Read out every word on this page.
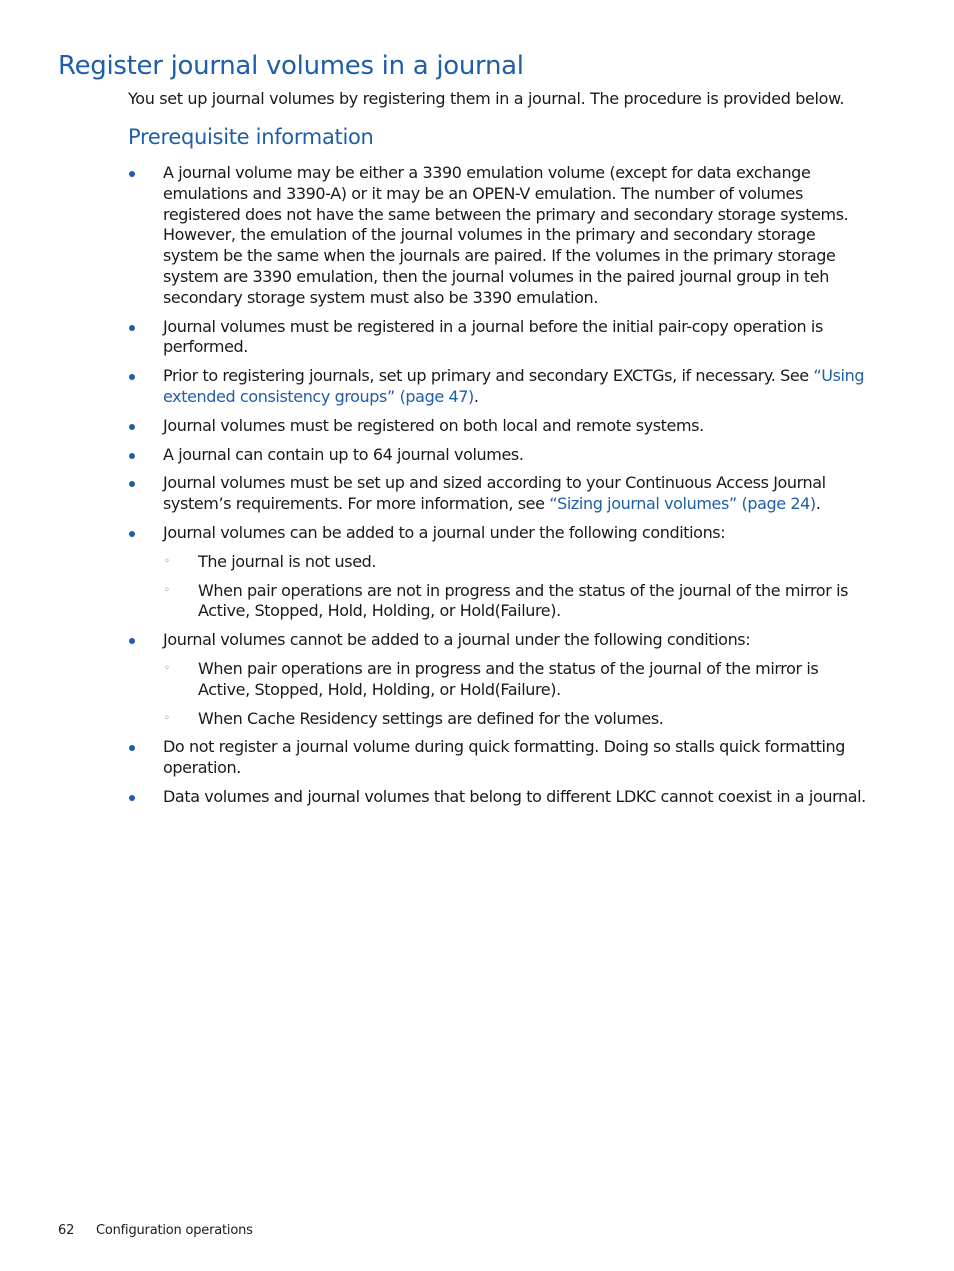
Register journal volumes in a journal

You set up journal volumes by registering them in a journal. The procedure is provided below.

Prerequisite information
A journal volume may be either a 3390 emulation volume (except for data exchange emulations and 3390-A) or it may be an OPEN-V emulation. The number of volumes registered does not have the same between the primary and secondary storage systems. However, the emulation of the journal volumes in the primary and secondary storage system be the same when the journals are paired. If the volumes in the primary storage system are 3390 emulation, then the journal volumes in the paired journal group in teh secondary storage system must also be 3390 emulation.
Journal volumes must be registered in a journal before the initial pair-copy operation is performed.
Prior to registering journals, set up primary and secondary EXCTGs, if necessary. See “Using extended consistency groups” (page 47).
Journal volumes must be registered on both local and remote systems.
A journal can contain up to 64 journal volumes.
Journal volumes must be set up and sized according to your Continuous Access Journal system’s requirements. For more information, see “Sizing journal volumes” (page 24).
Journal volumes can be added to a journal under the following conditions:
◦ The journal is not used.
◦ When pair operations are not in progress and the status of the journal of the mirror is Active, Stopped, Hold, Holding, or Hold(Failure).
Journal volumes cannot be added to a journal under the following conditions:
◦ When pair operations are in progress and the status of the journal of the mirror is Active, Stopped, Hold, Holding, or Hold(Failure).
◦ When Cache Residency settings are defined for the volumes.
Do not register a journal volume during quick formatting. Doing so stalls quick formatting operation.
Data volumes and journal volumes that belong to different LDKC cannot coexist in a journal.
62 Configuration operations
